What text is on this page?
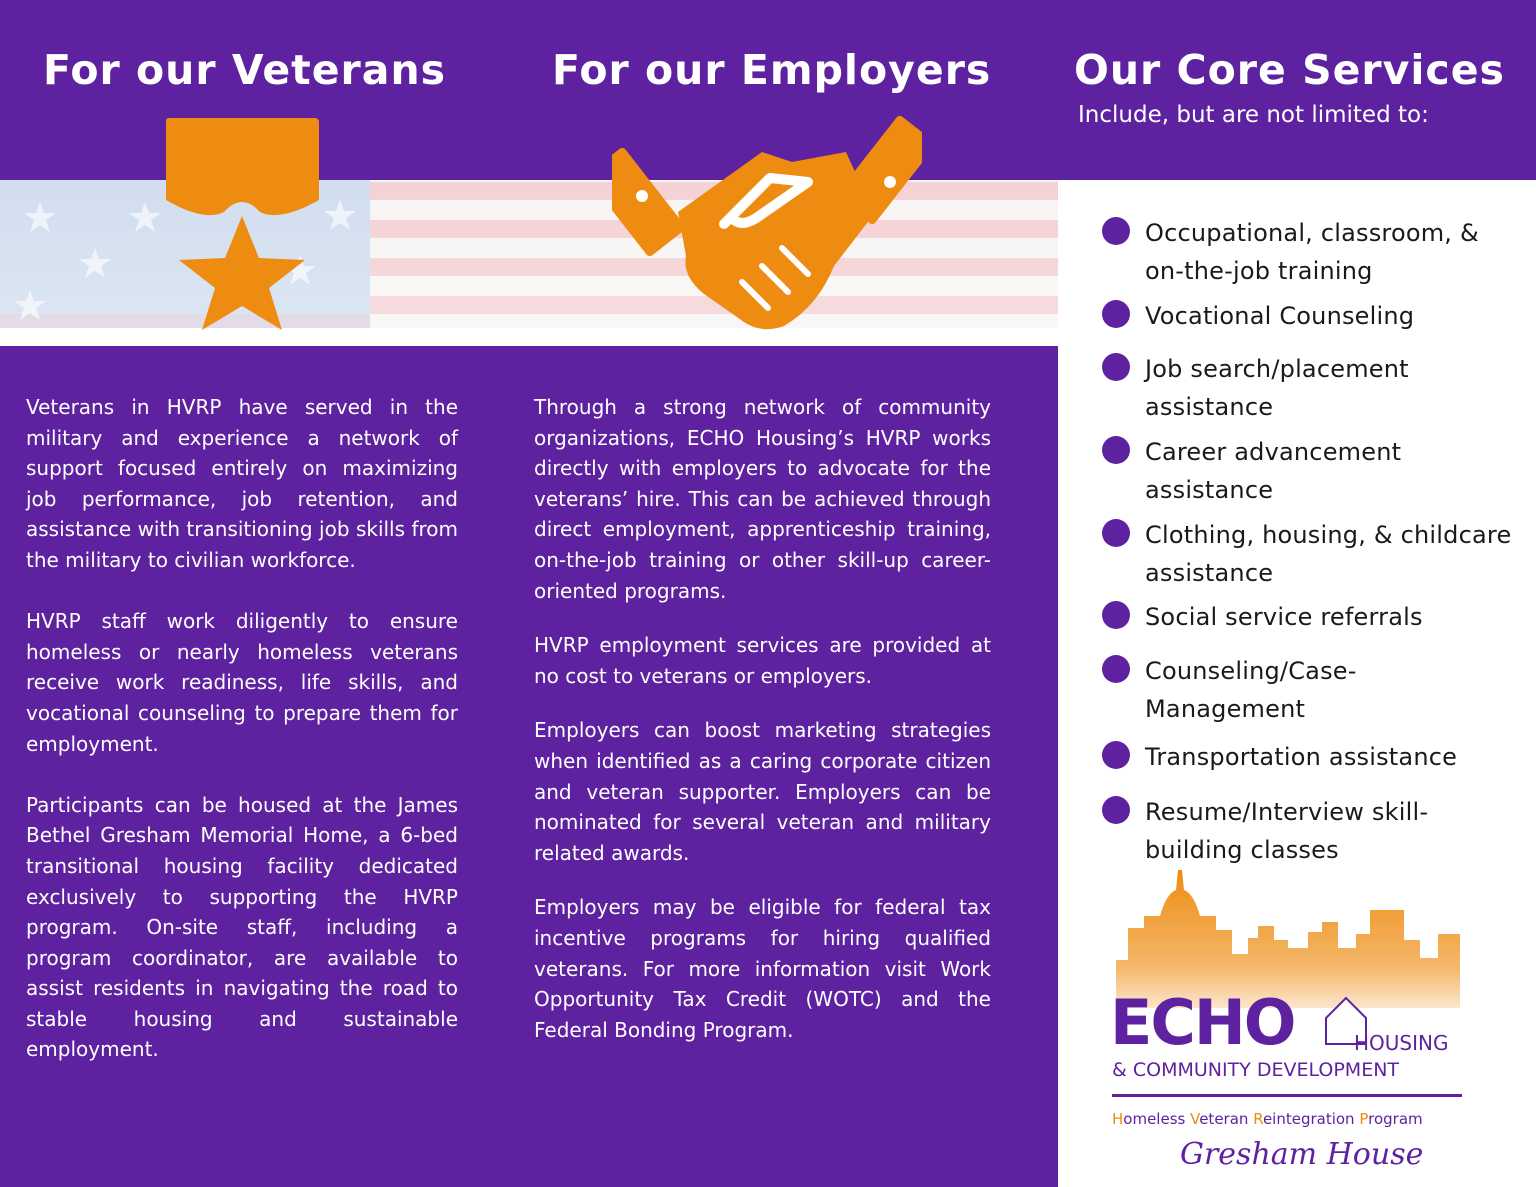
For our Veterans	For our Employers Our Core Services
Include, but are not limited to:

Veterans in HVRP have served in the military and experience a network of support focused entirely on maximizing job performance, job retention, and assistance with transitioning job skills from the military to civilian workforce.

HVRP staff work diligently to ensure homeless or nearly homeless veterans receive work readiness, life skills, and vocational counseling to prepare them for employment.

Participants can be housed at the James Bethel Gresham Memorial Home, a 6-bed transitional housing facility dedicated exclusively to supporting the HVRP program. On-site staff, including a program coordinator, are available to assist residents in navigating the road to stable housing and sustainable employment.

Through a strong network of community organizations, ECHO Housing’s HVRP works directly with employers to advocate for the veterans’ hire. This can be achieved through direct employment, apprenticeship training, on-the-job training or other skill-up career-oriented programs.

HVRP employment services are provided at no cost to veterans or employers.

Employers can boost marketing strategies when identified as a caring corporate citizen and veteran supporter. Employers can be nominated for several veteran and military related awards.

Employers may be eligible for federal tax incentive programs for hiring qualified veterans. For more information visit Work Opportunity Tax Credit (WOTC) and the Federal Bonding Program.

Occupational, classroom, & on-the-job training
Vocational Counseling
Job search/placement assistance
Career advancement assistance
Clothing, housing, & childcare assistance
Social service referrals
Counseling/Case-Management
Transportation assistance
Resume/Interview skill-building classes
ECHO	HOUSING
& COMMUNITY DEVELOPMENT
Homeless Veteran Reintegration Program
Gresham House
